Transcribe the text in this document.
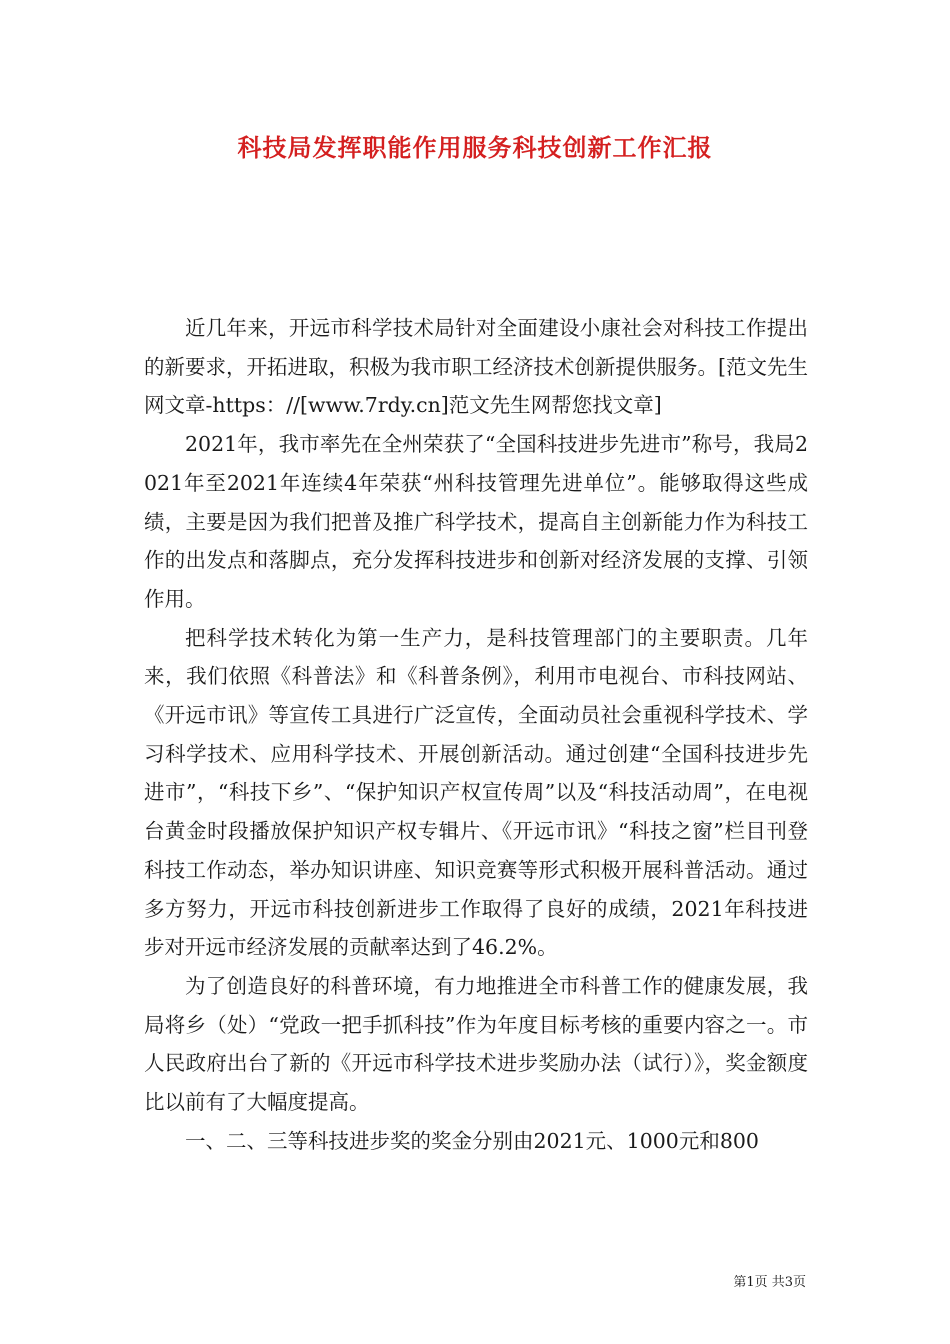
科技局发挥职能作用服务科技创新工作汇报

近几年来，开远市科学技术局针对全面建设小康社会对科技工作提出的新要求，开拓进取，积极为我市职工经济技术创新提供服务。[范文先生网文章-https：//[www.7rdy.cn]范文先生网帮您找文章]

2021年，我市率先在全州荣获了“全国科技进步先进市”称号，我局2021年至2021年连续4年荣获“州科技管理先进单位”。能够取得这些成绩，主要是因为我们把普及推广科学技术，提高自主创新能力作为科技工作的出发点和落脚点，充分发挥科技进步和创新对经济发展的支撑、引领作用。

把科学技术转化为第一生产力，是科技管理部门的主要职责。几年来，我们依照《科普法》和《科普条例》，利用市电视台、市科技网站、《开远市讯》等宣传工具进行广泛宣传，全面动员社会重视科学技术、学习科学技术、应用科学技术、开展创新活动。通过创建“全国科技进步先进市”，“科技下乡”、“保护知识产权宣传周”以及“科技活动周”，在电视台黄金时段播放保护知识产权专辑片、《开远市讯》“科技之窗”栏目刊登科技工作动态，举办知识讲座、知识竞赛等形式积极开展科普活动。通过多方努力，开远市科技创新进步工作取得了良好的成绩，2021年科技进步对开远市经济发展的贡献率达到了46.2%。

为了创造良好的科普环境，有力地推进全市科普工作的健康发展，我局将乡（处）“党政一把手抓科技”作为年度目标考核的重要内容之一。市人民政府出台了新的《开远市科学技术进步奖励办法（试行）》，奖金额度比以前有了大幅度提高。

一、二、三等科技进步奖的奖金分别由2021元、1000元和800

第1页 共3页
